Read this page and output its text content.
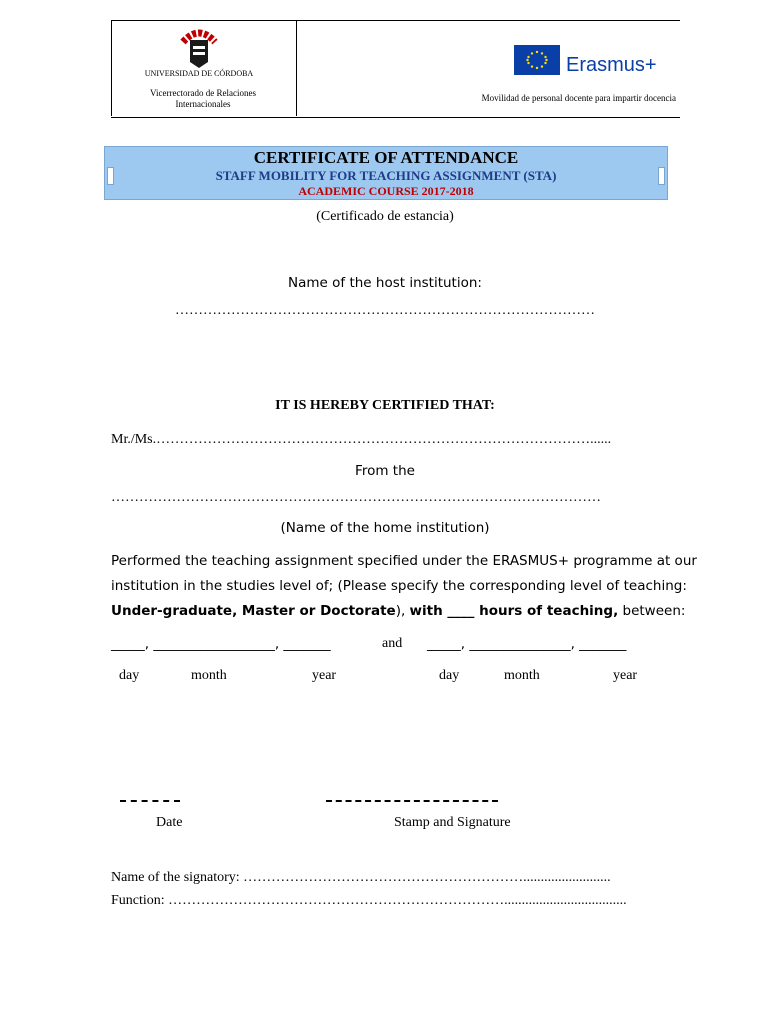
UNIVERSIDAD DE CÓRDOBA
Vicerrectorado de Relaciones Internacionales
Erasmus+
Movilidad de personal docente para impartir docencia
CERTIFICATE OF ATTENDANCE
STAFF MOBILITY FOR TEACHING ASSIGNMENT (STA)
ACADEMIC COURSE 2017-2018
(Certificado de estancia)
Name of the host institution:
………………………………………………………………………………
IT IS HEREBY CERTIFIED THAT:
Mr./Ms.…………………………………………………………………………………......
From the
……………………………………………………………………………………………
(Name of the home institution)
Performed the teaching assignment specified under the ERASMUS+ programme at our
institution in the studies level of; (Please specify the corresponding level of teaching:
Under-graduate, Master or Doctorate), with ____ hours of teaching, between:
_____, __________________, _______	and _____, _______________, _______
day	month	year	day	month	year
Date	Stamp and Signature
Name of the signatory: …………………………………………………….........................
Function: ………………………………………………………………...................................
